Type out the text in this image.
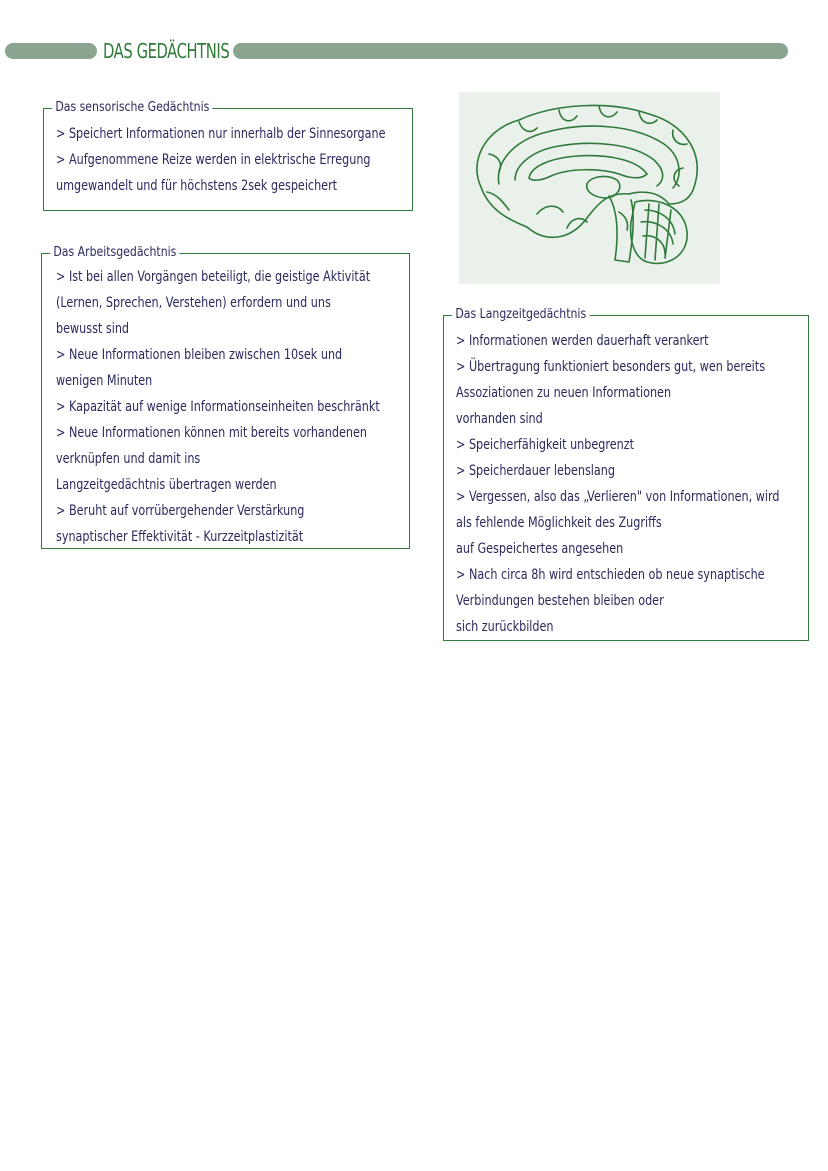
DAS GEDÄCHTNIS
Das sensorische Gedächtnis
> Speichert Informationen nur innerhalb der Sinnesorgane
> Aufgenommene Reize werden in elektrische Erregung
umgewandelt und für höchstens 2sek gespeichert
Das Arbeitsgedächtnis
> Ist bei allen Vorgängen beteiligt, die geistige Aktivität
(Lernen, Sprechen, Verstehen) erfordern und uns
bewusst sind
> Neue Informationen bleiben zwischen 10sek und
wenigen Minuten
> Kapazität auf wenige Informationseinheiten beschränkt
> Neue Informationen können mit bereits vorhandenen
verknüpfen und damit ins
Langzeitgedächtnis übertragen werden
> Beruht auf vorrübergehender Verstärkung
synaptischer Effektivität - Kurzzeitplastizität
Das Langzeitgedächtnis
> Informationen werden dauerhaft verankert
> Übertragung funktioniert besonders gut, wen bereits
Assoziationen zu neuen Informationen
vorhanden sind
> Speicherfähigkeit unbegrenzt
> Speicherdauer lebenslang
> Vergessen, also das „Verlieren" von Informationen, wird
als fehlende Möglichkeit des Zugriffs
auf Gespeichertes angesehen
> Nach circa 8h wird entschieden ob neue synaptische
Verbindungen bestehen bleiben oder
sich zurückbilden
